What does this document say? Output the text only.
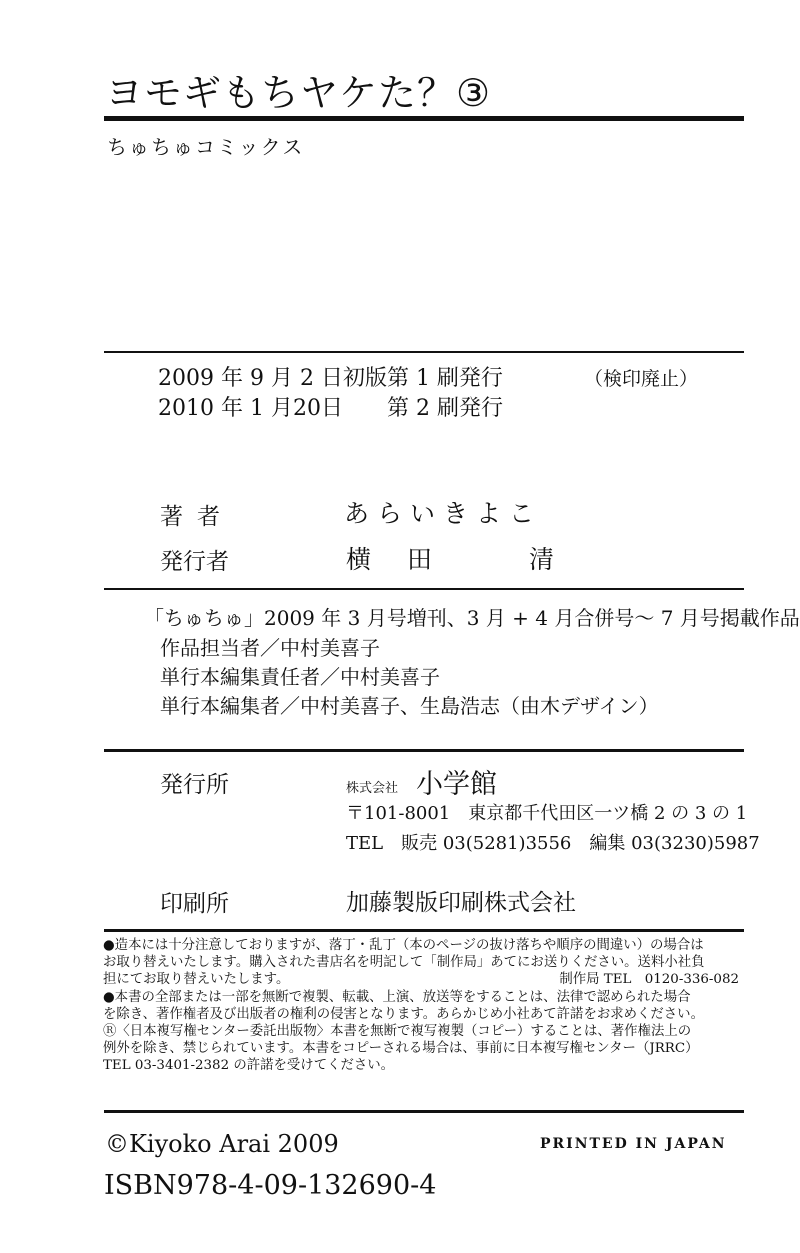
ヨモギもちヤケた？③
ちゅちゅコミックス
2009 年 9 月 2 日初版第 1 刷発行	（検印廃止）
2010 年 1 月20日　　第 2 刷発行
著者	あらいきよこ
発行者	横田　清
「ちゅちゅ」2009 年 3 月号増刊、3 月 + 4 月合併号〜 7 月号掲載作品
作品担当者／中村美喜子
単行本編集責任者／中村美喜子
単行本編集者／中村美喜子、生島浩志（由木デザイン）
発行所	株式会社 小学館
〒101-8001　東京都千代田区一ツ橋 2 の 3 の 1
TEL　販売 03(5281)3556　編集 03(3230)5987
印刷所	加藤製版印刷株式会社
●造本には十分注意しておりますが、落丁・乱丁（本のページの抜け落ちや順序の間違い）の場合は
お取り替えいたします。購入された書店名を明記して「制作局」あてにお送りください。送料小社負
担にてお取り替えいたします。	制作局 TEL　0120-336-082
●本書の全部または一部を無断で複製、転載、上演、放送等をすることは、法律で認められた場合
を除き、著作権者及び出版者の権利の侵害となります。あらかじめ小社あて許諾をお求めください。
Ⓡ〈日本複写権センター委託出版物〉本書を無断で複写複製（コピー）することは、著作権法上の
例外を除き、禁じられています。本書をコピーされる場合は、事前に日本複写権センター（JRRC）
TEL 03-3401-2382 の許諾を受けてください。
©Kiyoko Arai 2009	PRINTED IN JAPAN
ISBN978-4-09-132690-4
